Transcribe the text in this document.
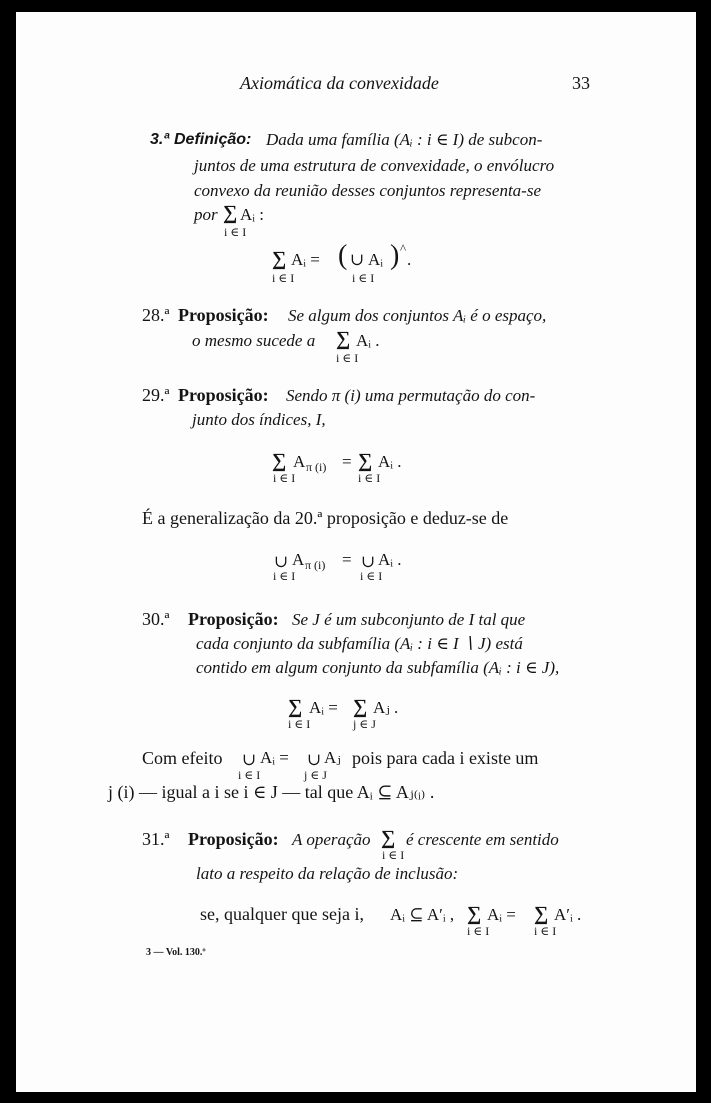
Axiomática da convexidade	33
3.ª Definição: Dada uma família (Aᵢ : i ∈ I) de subcon-
juntos de uma estrutura de convexidade, o envólucro
convexo da reunião desses conjuntos representa-se
por ∑ Aᵢ :
i ∈ I
∑ Aᵢ = ( ∪ Aᵢ ) ^
.
i ∈ I	i ∈ I
28.ª Proposição: Se algum dos conjuntos Aᵢ é o espaço,
o mesmo sucede a ∑ Aᵢ .
i ∈ I
29.ª Proposição: Sendo π (i) uma permutação do con-
junto dos índices, I,
∑ A π (i) = ∑ Aᵢ .
i ∈ I	i ∈ I
É a generalização da 20.ª proposição e deduz-se de
∪ A π (i) = ∪ Aᵢ .
i ∈ I	i ∈ I
30.ª Proposição: Se J é um subconjunto de I tal que
cada conjunto da subfamília (Aᵢ : i ∈ I ∖ J) está
contido em algum conjunto da subfamília (Aᵢ : i ∈ J),
∑ Aᵢ = ∑ Aⱼ .
i ∈ I	j ∈ J
Com efeito ∪ Aᵢ = ∪ Aⱼ pois para cada i existe um
i ∈ I	j ∈ J
j (i) — igual a i se i ∈ J — tal que Aᵢ ⊆ Aⱼ₍ᵢ₎ .
31.ª Proposição: A operação ∑ é crescente em sentido
i ∈ I
lato a respeito da relação de inclusão:
se, qualquer que seja i, Aᵢ ⊆ A′ᵢ , ∑ Aᵢ = ∑ A′ᵢ .
i ∈ I	i ∈ I
3 — Vol. 130.º
